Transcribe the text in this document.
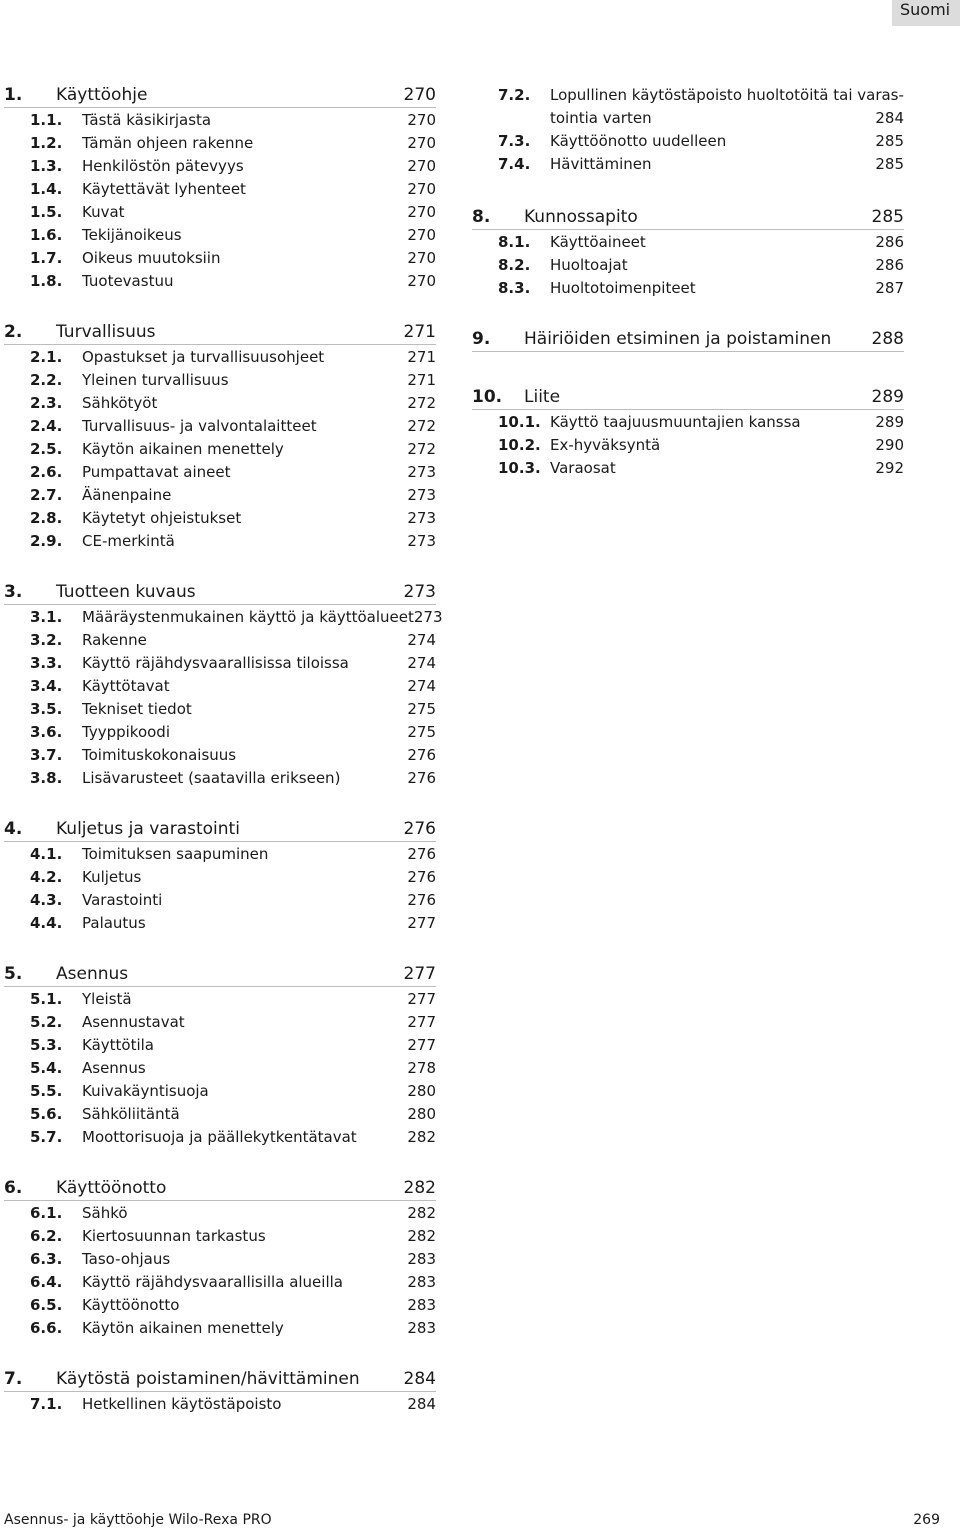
Suomi
1.	Käyttöohje	270
1.1.	Tästä käsikirjasta	270
1.2.	Tämän ohjeen rakenne	270
1.3.	Henkilöstön pätevyys	270
1.4.	Käytettävät lyhenteet	270
1.5.	Kuvat	270
1.6.	Tekijänoikeus	270
1.7.	Oikeus muutoksiin	270
1.8.	Tuotevastuu	270
2.	Turvallisuus	271
2.1.	Opastukset ja turvallisuusohjeet	271
2.2.	Yleinen turvallisuus	271
2.3.	Sähkötyöt	272
2.4.	Turvallisuus- ja valvontalaitteet	272
2.5.	Käytön aikainen menettely	272
2.6.	Pumpattavat aineet	273
2.7.	Äänenpaine	273
2.8.	Käytetyt ohjeistukset	273
2.9.	CE-merkintä	273
3.	Tuotteen kuvaus	273
3.1.	Määräystenmukainen käyttö ja käyttöalueet 273
3.2.	Rakenne	274
3.3.	Käyttö räjähdysvaarallisissa tiloissa	274
3.4.	Käyttötavat	274
3.5.	Tekniset tiedot	275
3.6.	Tyyppikoodi	275
3.7.	Toimituskokonaisuus	276
3.8.	Lisävarusteet (saatavilla erikseen)	276
4.	Kuljetus ja varastointi	276
4.1.	Toimituksen saapuminen	276
4.2.	Kuljetus	276
4.3.	Varastointi	276
4.4.	Palautus	277
5.	Asennus	277
5.1.	Yleistä	277
5.2.	Asennustavat	277
5.3.	Käyttötila	277
5.4.	Asennus	278
5.5.	Kuivakäyntisuoja	280
5.6.	Sähköliitäntä	280
5.7.	Moottorisuoja ja päällekytkentätavat	282
6.	Käyttöönotto	282
6.1.	Sähkö	282
6.2.	Kiertosuunnan tarkastus	282
6.3.	Taso-ohjaus	283
6.4.	Käyttö räjähdysvaarallisilla alueilla	283
6.5.	Käyttöönotto	283
6.6.	Käytön aikainen menettely	283
7.	Käytöstä poistaminen/hävittäminen	284
7.1.	Hetkellinen käytöstäpoisto	284
7.2.	Lopullinen käytöstäpoisto huoltotöitä tai varas-
tointia varten	284
7.3.	Käyttöönotto uudelleen	285
7.4.	Hävittäminen	285
8.	Kunnossapito	285
8.1.	Käyttöaineet	286
8.2.	Huoltoajat	286
8.3.	Huoltotoimenpiteet	287
9.	Häiriöiden etsiminen ja poistaminen	288
10.	Liite	289
10.1. Käyttö taajuusmuuntajien kanssa	289
10.2. Ex-hyväksyntä	290
10.3. Varaosat	292
Asennus- ja käyttöohje Wilo-Rexa PRO	269
